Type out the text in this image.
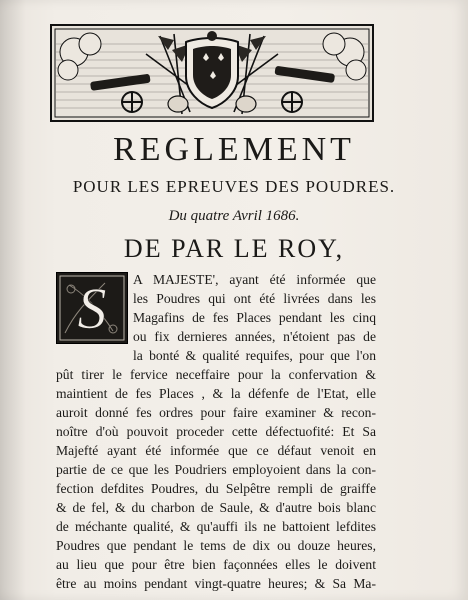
REGLEMENT
POUR LES EPREUVES DES POUDRES.
Du quatre Avril 1686.
DE PAR LE ROY,
S A MAJESTE', ayant été informée que
les Poudres qui ont été livrées dans les
Magafins de fes Places pendant les cinq
ou fix dernieres années, n'étoient pas de
la bonté & qualité requifes, pour que l'on
pût tirer le fervice neceffaire pour la confervation &
maintient de fes Places , & la défenfe de l'Etat, elle
auroit donné fes ordres pour faire examiner & recon-
noître d'où pouvoit proceder cette défectuofité: Et Sa
Majefté ayant été informée que ce défaut venoit en
partie de ce que les Poudriers employoient dans la con-
fection defdites Poudres, du Selpêtre rempli de graiffe
& de fel, & du charbon de Saule, & d'autre bois blanc
de méchante qualité, & qu'auffi ils ne battoient lefdites
Poudres que pendant le tems de dix ou douze heures,
au lieu que pour être bien façonnées elles le doivent
être au moins pendant vingt-quatre heures; & Sa Ma-
